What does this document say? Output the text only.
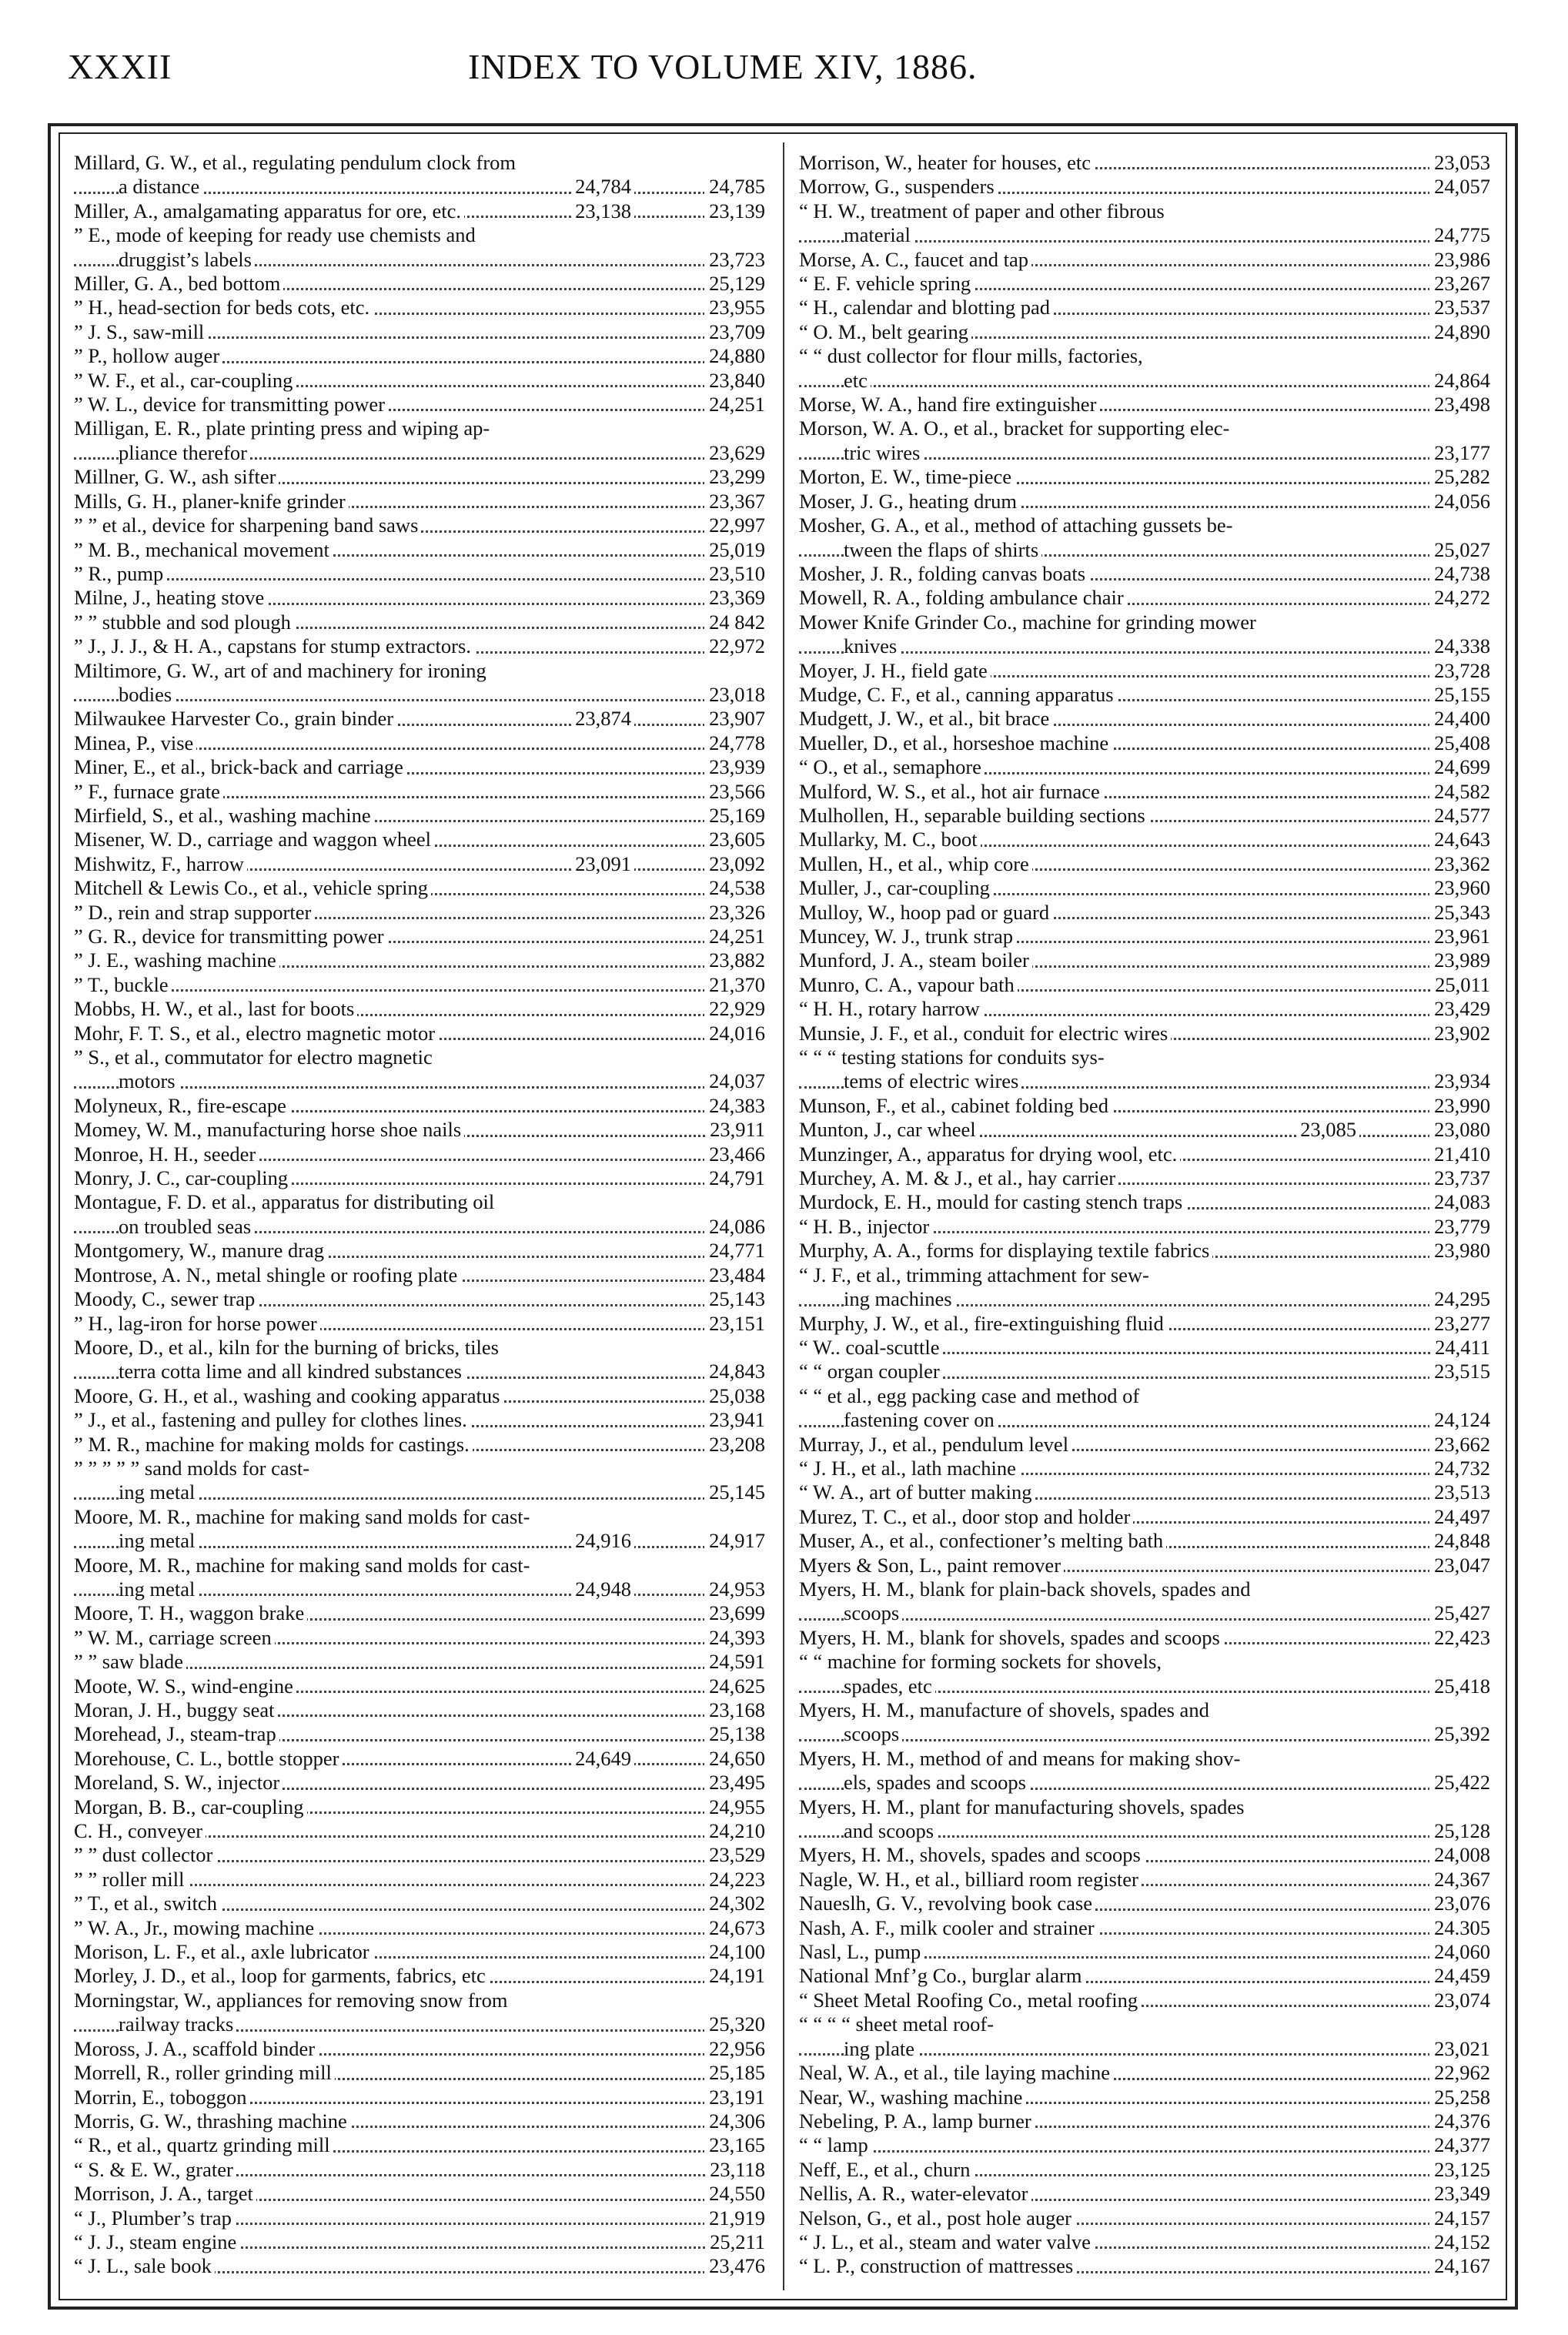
XXXII	INDEX TO VOLUME XIV, 1886.
Millard, G. W., et al., regulating pendulum clock from
a distance	24,784	24,785
Miller, A., amalgamating apparatus for ore, etc.	23,138	23,139
” E., mode of keeping for ready use chemists and
druggist’s labels	23,723
Miller, G. A., bed bottom	25,129
” H., head-section for beds cots, etc.	23,955
” J. S., saw-mill	23,709
” P., hollow auger	24,880
” W. F., et al., car-coupling	23,840
” W. L., device for transmitting power	24,251
Milligan, E. R., plate printing press and wiping ap-
pliance therefor	23,629
Millner, G. W., ash sifter	23,299
Mills, G. H., planer-knife grinder	23,367
” ” et al., device for sharpening band saws	22,997
” M. B., mechanical movement	25,019
” R., pump	23,510
Milne, J., heating stove	23,369
” ” stubble and sod plough	24 842
” J., J. J., & H. A., capstans for stump extractors.	22,972
Miltimore, G. W., art of and machinery for ironing
bodies	23,018
Milwaukee Harvester Co., grain binder	23,874	23,907
Minea, P., vise	24,778
Miner, E., et al., brick-back and carriage	23,939
” F., furnace grate	23,566
Mirfield, S., et al., washing machine	25,169
Misener, W. D., carriage and waggon wheel	23,605
Mishwitz, F., harrow	23,091	23,092
Mitchell & Lewis Co., et al., vehicle spring	24,538
” D., rein and strap supporter	23,326
” G. R., device for transmitting power	24,251
” J. E., washing machine	23,882
” T., buckle	21,370
Mobbs, H. W., et al., last for boots	22,929
Mohr, F. T. S., et al., electro magnetic motor	24,016
” S., et al., commutator for electro magnetic
motors	24,037
Molyneux, R., fire-escape	24,383
Momey, W. M., manufacturing horse shoe nails	23,911
Monroe, H. H., seeder	23,466
Monry, J. C., car-coupling	24,791
Montague, F. D. et al., apparatus for distributing oil
on troubled seas	24,086
Montgomery, W., manure drag	24,771
Montrose, A. N., metal shingle or roofing plate	23,484
Moody, C., sewer trap	25,143
” H., lag-iron for horse power	23,151
Moore, D., et al., kiln for the burning of bricks, tiles
terra cotta lime and all kindred substances	24,843
Moore, G. H., et al., washing and cooking apparatus	25,038
” J., et al., fastening and pulley for clothes lines.	23,941
” M. R., machine for making molds for castings.	23,208
” ” ” ” ” sand molds for cast-
ing metal	25,145
Moore, M. R., machine for making sand molds for cast-
ing metal	24,916	24,917
Moore, M. R., machine for making sand molds for cast-
ing metal	24,948	24,953
Moore, T. H., waggon brake	23,699
” W. M., carriage screen	24,393
” ” saw blade	24,591
Moote, W. S., wind-engine	24,625
Moran, J. H., buggy seat	23,168
Morehead, J., steam-trap	25,138
Morehouse, C. L., bottle stopper	24,649	24,650
Moreland, S. W., injector	23,495
Morgan, B. B., car-coupling	24,955
C. H., conveyer	24,210
” ” dust collector	23,529
” ” roller mill	24,223
” T., et al., switch	24,302
” W. A., Jr., mowing machine	24,673
Morison, L. F., et al., axle lubricator	24,100
Morley, J. D., et al., loop for garments, fabrics, etc	24,191
Morningstar, W., appliances for removing snow from
railway tracks	25,320
Moross, J. A., scaffold binder	22,956
Morrell, R., roller grinding mill	25,185
Morrin, E., toboggon	23,191
Morris, G. W., thrashing machine	24,306
“ R., et al., quartz grinding mill	23,165
“ S. & E. W., grater	23,118
Morrison, J. A., target	24,550
“ J., Plumber’s trap	21,919
“ J. J., steam engine	25,211
“ J. L., sale book	23,476
Morrison, W., heater for houses, etc	23,053
Morrow, G., suspenders	24,057
“ H. W., treatment of paper and other fibrous
material	24,775
Morse, A. C., faucet and tap	23,986
“ E. F. vehicle spring	23,267
“ H., calendar and blotting pad	23,537
“ O. M., belt gearing	24,890
“ “ dust collector for flour mills, factories,
etc	24,864
Morse, W. A., hand fire extinguisher	23,498
Morson, W. A. O., et al., bracket for supporting elec-
tric wires	23,177
Morton, E. W., time-piece	25,282
Moser, J. G., heating drum	24,056
Mosher, G. A., et al., method of attaching gussets be-
tween the flaps of shirts	25,027
Mosher, J. R., folding canvas boats	24,738
Mowell, R. A., folding ambulance chair	24,272
Mower Knife Grinder Co., machine for grinding mower
knives	24,338
Moyer, J. H., field gate	23,728
Mudge, C. F., et al., canning apparatus	25,155
Mudgett, J. W., et al., bit brace	24,400
Mueller, D., et al., horseshoe machine	25,408
“ O., et al., semaphore	24,699
Mulford, W. S., et al., hot air furnace	24,582
Mulhollen, H., separable building sections	24,577
Mullarky, M. C., boot	24,643
Mullen, H., et al., whip core	23,362
Muller, J., car-coupling	23,960
Mulloy, W., hoop pad or guard	25,343
Muncey, W. J., trunk strap	23,961
Munford, J. A., steam boiler	23,989
Munro, C. A., vapour bath	25,011
“ H. H., rotary harrow	23,429
Munsie, J. F., et al., conduit for electric wires	23,902
“ “ “ testing stations for conduits sys-
tems of electric wires	23,934
Munson, F., et al., cabinet folding bed	23,990
Munton, J., car wheel	23,085	23,080
Munzinger, A., apparatus for drying wool, etc.	21,410
Murchey, A. M. & J., et al., hay carrier	23,737
Murdock, E. H., mould for casting stench traps	24,083
“ H. B., injector	23,779
Murphy, A. A., forms for displaying textile fabrics	23,980
“ J. F., et al., trimming attachment for sew-
ing machines	24,295
Murphy, J. W., et al., fire-extinguishing fluid	23,277
“ W.. coal-scuttle	24,411
“ “ organ coupler	23,515
“ “ et al., egg packing case and method of
fastening cover on	24,124
Murray, J., et al., pendulum level	23,662
“ J. H., et al., lath machine	24,732
“ W. A., art of butter making	23,513
Murez, T. C., et al., door stop and holder	24,497
Muser, A., et al., confectioner’s melting bath	24,848
Myers & Son, L., paint remover	23,047
Myers, H. M., blank for plain-back shovels, spades and
scoops	25,427
Myers, H. M., blank for shovels, spades and scoops	22,423
“ “ machine for forming sockets for shovels,
spades, etc	25,418
Myers, H. M., manufacture of shovels, spades and
scoops	25,392
Myers, H. M., method of and means for making shov-
els, spades and scoops	25,422
Myers, H. M., plant for manufacturing shovels, spades
and scoops	25,128
Myers, H. M., shovels, spades and scoops	24,008
Nagle, W. H., et al., billiard room register	24,367
Naueslh, G. V., revolving book case	23,076
Nash, A. F., milk cooler and strainer	24.305
Nasl, L., pump	24,060
National Mnf’g Co., burglar alarm	24,459
“ Sheet Metal Roofing Co., metal roofing	23,074
“ “ “ “ sheet metal roof-
ing plate	23,021
Neal, W. A., et al., tile laying machine	22,962
Near, W., washing machine	25,258
Nebeling, P. A., lamp burner	24,376
“ “ lamp	24,377
Neff, E., et al., churn	23,125
Nellis, A. R., water-elevator	23,349
Nelson, G., et al., post hole auger	24,157
“ J. L., et al., steam and water valve	24,152
“ L. P., construction of mattresses	24,167
